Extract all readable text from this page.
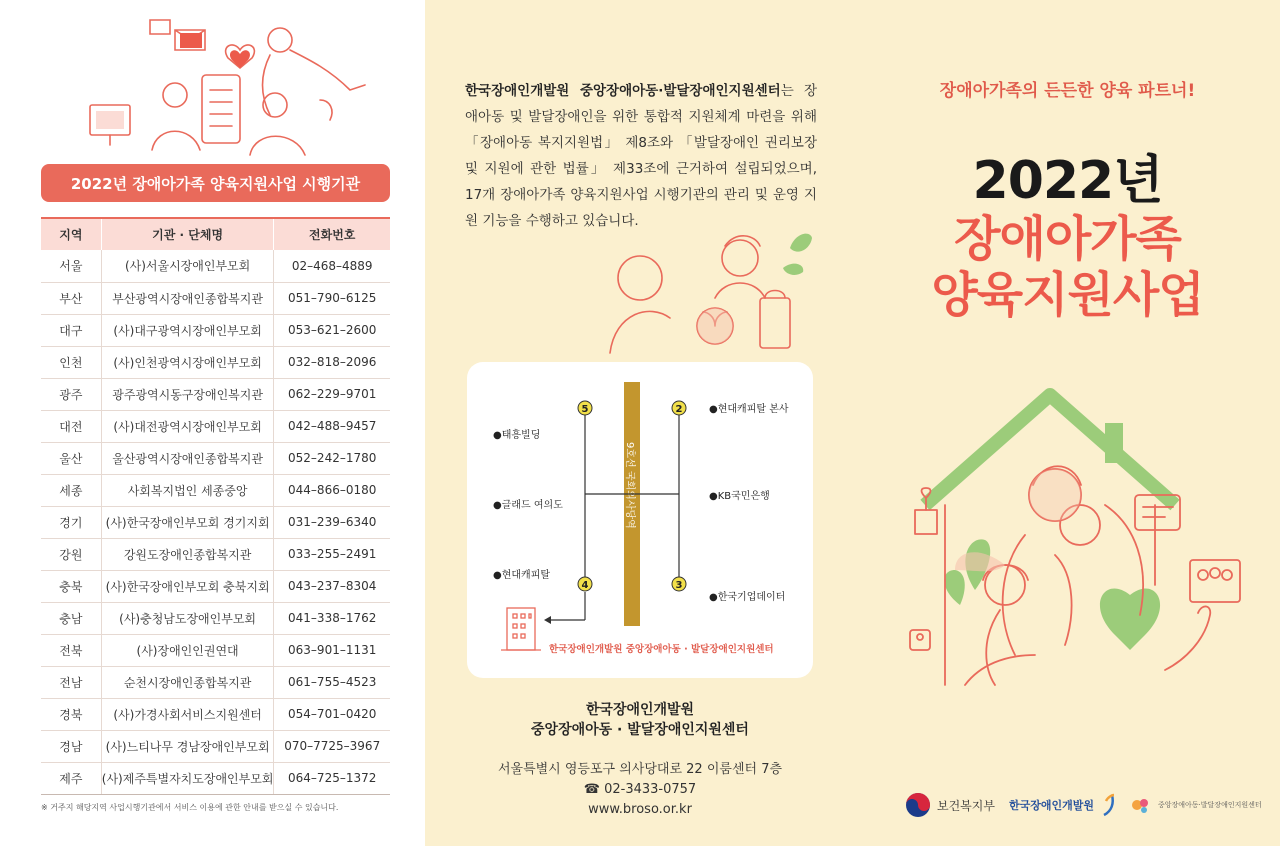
2022년 장애아가족 양육지원사업 시행기관
지역	기관 · 단체명	전화번호
서울	(사)서울시장애인부모회	02–468–4889
부산	부산광역시장애인종합복지관	051–790–6125
대구	(사)대구광역시장애인부모회	053–621–2600
인천	(사)인천광역시장애인부모회	032–818–2096
광주	광주광역시동구장애인복지관	062–229–9701
대전	(사)대전광역시장애인부모회	042–488–9457
울산	울산광역시장애인종합복지관	052–242–1780
세종	사회복지법인 세종중앙	044–866–0180
경기	(사)한국장애인부모회 경기지회	031–239–6340
강원	강원도장애인종합복지관	033–255–2491
충북	(사)한국장애인부모회 충북지회	043–237–8304
충남	(사)충청남도장애인부모회	041–338–1762
전북	(사)장애인인권연대	063–901–1131
전남	순천시장애인종합복지관	061–755–4523
경북	(사)가경사회서비스지원센터	054–701–0420
경남	(사)느티나무 경남장애인부모회	070–7725–3967
제주	(사)제주특별자치도장애인부모회	064–725–1372
※ 거주지 해당지역 사업시행기관에서 서비스 이용에 관한 안내를 받으실 수 있습니다.

한국장애인개발원 중앙장애아동·발달장애인지원센터는 장애아동 및 발달장애인을 위한 통합적 지원체계 마련을 위해 「장애아동 복지지원법」 제8조와 「발달장애인 권리보장 및 지원에 관한 법률」 제33조에 근거하여 설립되었으며, 17개 장애아가족 양육지원사업 시행기관의 관리 및 운영 지원 기능을 수행하고 있습니다.

9호선 국회의사당역
5	2
4	3
●태흥빌딩
●현대캐피탈 본사
●글래드 여의도
●KB국민은행
●현대캐피탈
●한국기업데이터
한국장애인개발원 중앙장애아동 · 발달장애인지원센터
한국장애인개발원
중앙장애아동 · 발달장애인지원센터
서울특별시 영등포구 의사당대로 22 이룸센터 7층
☎ 02-3433-0757
www.broso.or.kr
장애아가족의 든든한 양육 파트너!
2022년
장애아가족
양육지원사업
보건복지부 한국장애인개발원	중앙장애아동·발달장애인지원센터
